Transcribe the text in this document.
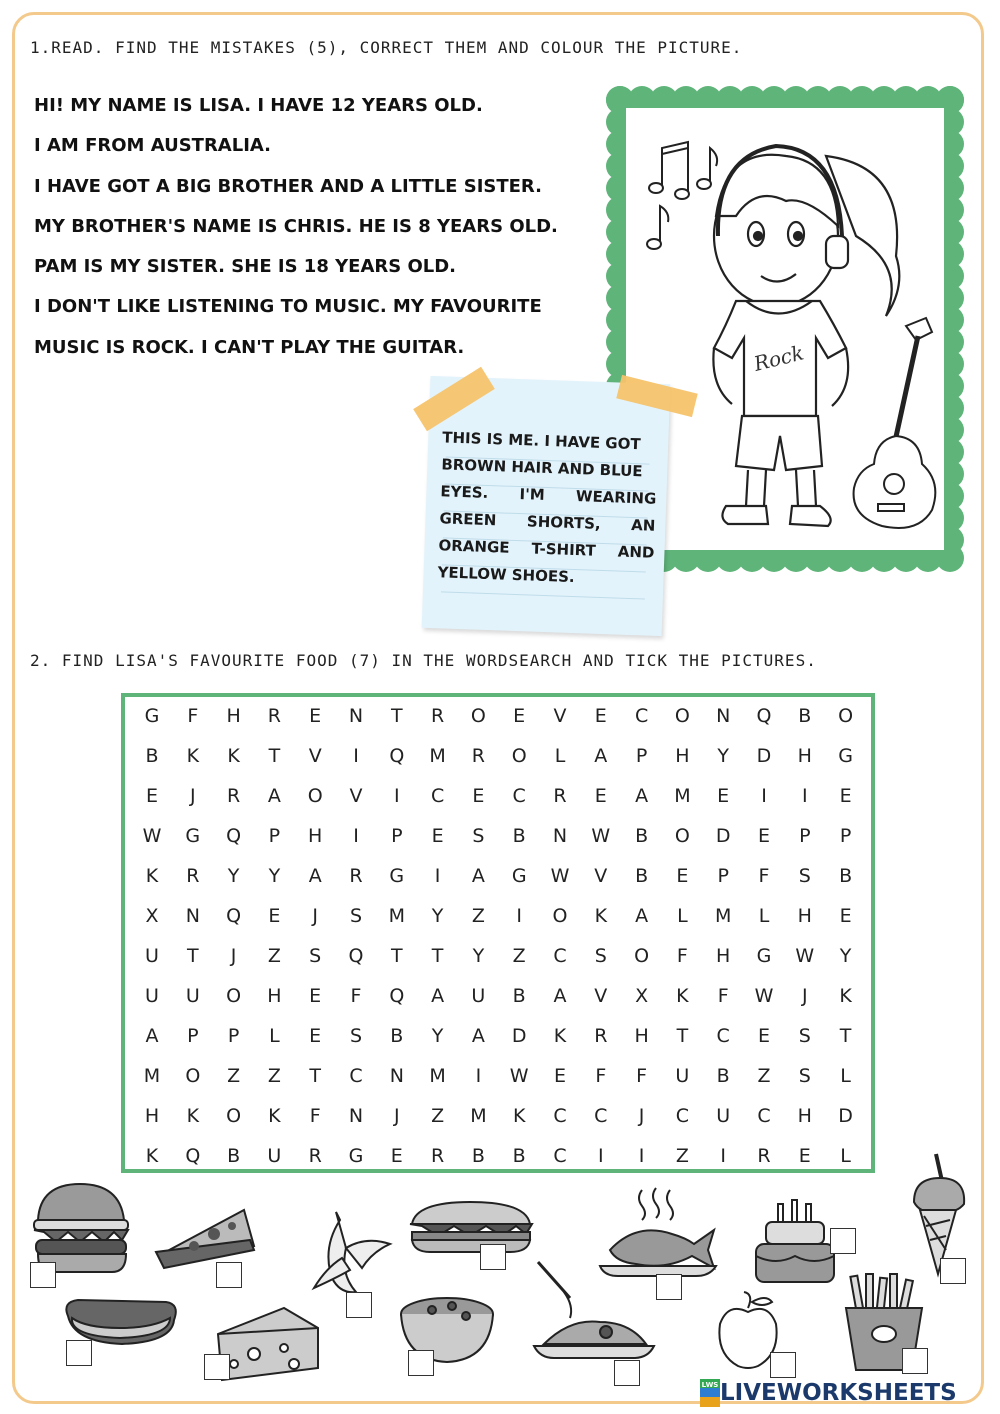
1.READ. FIND THE MISTAKES (5), CORRECT THEM AND COLOUR THE PICTURE.
HI! MY NAME IS LISA. I HAVE 12 YEARS OLD.
I AM FROM AUSTRALIA.
I HAVE GOT A BIG BROTHER AND A LITTLE SISTER.
MY BROTHER'S NAME IS CHRIS. HE IS 8 YEARS OLD.
PAM IS MY SISTER. SHE IS 18 YEARS OLD.
I DON'T LIKE LISTENING TO MUSIC. MY FAVOURITE
MUSIC IS ROCK. I CAN'T PLAY THE GUITAR.	Rock
THIS IS ME. I HAVE GOT
BROWN HAIR AND BLUE
EYES. I'M WEARING
GREEN SHORTS, AN
ORANGE T-SHIRT AND
YELLOW SHOES.
2. FIND LISA'S FAVOURITE FOOD (7) IN THE WORDSEARCH AND TICK THE PICTURES.
G	F	H	R	E	N	T	R	O	E	V	E	C	O	N	Q	B	O
B	K	K	T	V	I	Q	M	R	O	L	A	P	H	Y	D	H	G
E	J	R	A	O	V	I	C	E	C	R	E	A	M	E	I	I	E
W	G	Q	P	H	I	P	E	S	B	N	W	B	O	D	E	P	P
K	R	Y	Y	A	R	G	I	A	G	W	V	B	E	P	F	S	B
X	N	Q	E	J	S	M	Y	Z	I	O	K	A	L	M	L	H	E
U	T	J	Z	S	Q	T	T	Y	Z	C	S	O	F	H	G	W	Y
U	U	O	H	E	F	Q	A	U	B	A	V	X	K	F	W	J	K
A	P	P	L	E	S	B	Y	A	D	K	R	H	T	C	E	S	T
M	O	Z	Z	T	C	N	M	I	W	E	F	F	U	B	Z	S	L
H	K	O	K	F	N	J	Z	M	K	C	C	J	C	U	C	H	D
K	Q	B	U	R	G	E	R	B	B	C	I	I	Z	I	R	E	L
LWS LIVEWORKSHEETS
